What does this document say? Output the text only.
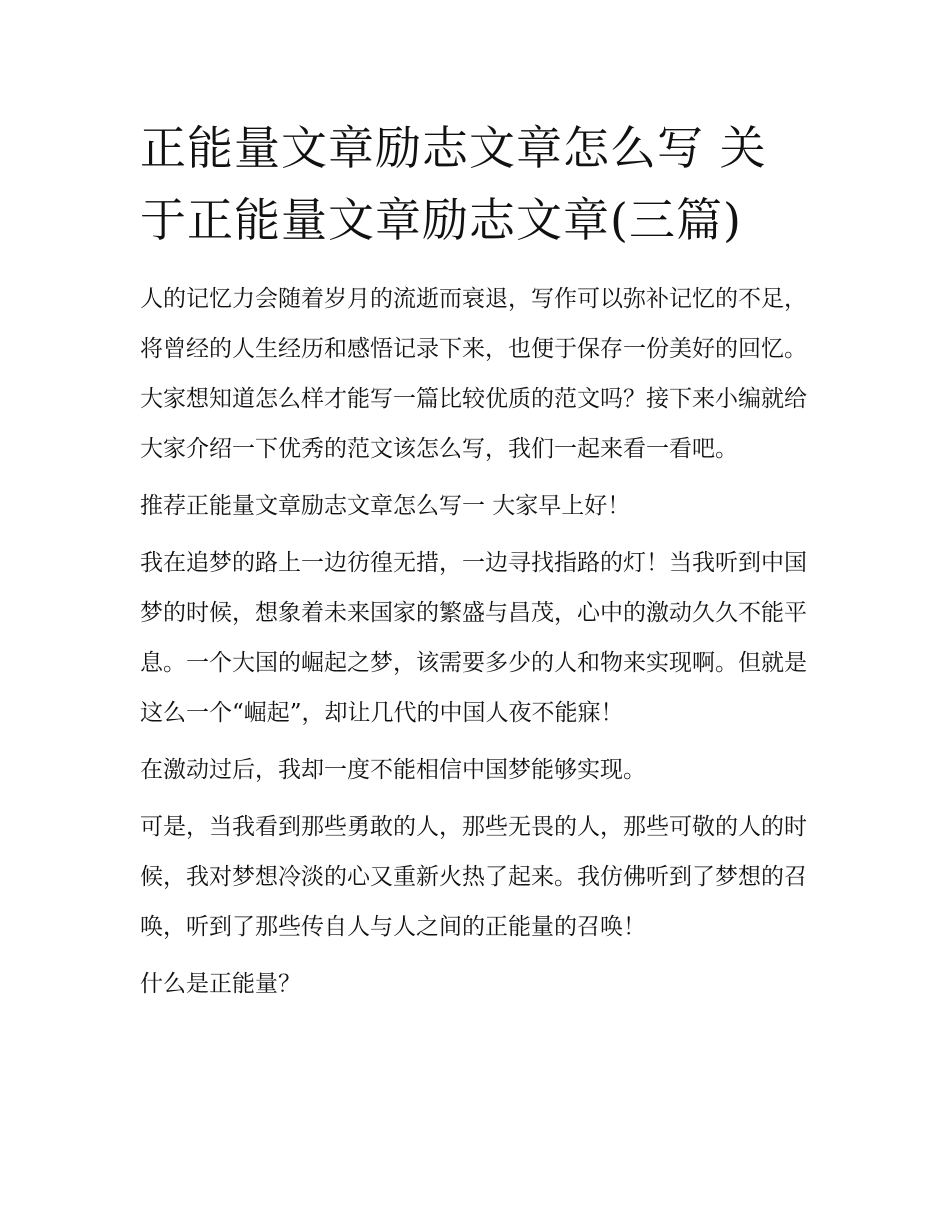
正能量文章励志文章怎么写 关
于正能量文章励志文章(三篇)

人的记忆力会随着岁月的流逝而衰退，写作可以弥补记忆的不足，将曾经的人生经历和感悟记录下来，也便于保存一份美好的回忆。大家想知道怎么样才能写一篇比较优质的范文吗？接下来小编就给大家介绍一下优秀的范文该怎么写，我们一起来看一看吧。

推荐正能量文章励志文章怎么写一 大家早上好！

我在追梦的路上一边彷徨无措，一边寻找指路的灯！当我听到中国梦的时候，想象着未来国家的繁盛与昌茂，心中的激动久久不能平息。一个大国的崛起之梦，该需要多少的人和物来实现啊。但就是这么一个“崛起”，却让几代的中国人夜不能寐！

在激动过后，我却一度不能相信中国梦能够实现。

可是，当我看到那些勇敢的人，那些无畏的人，那些可敬的人的时候，我对梦想冷淡的心又重新火热了起来。我仿佛听到了梦想的召唤，听到了那些传自人与人之间的正能量的召唤！

什么是正能量？
